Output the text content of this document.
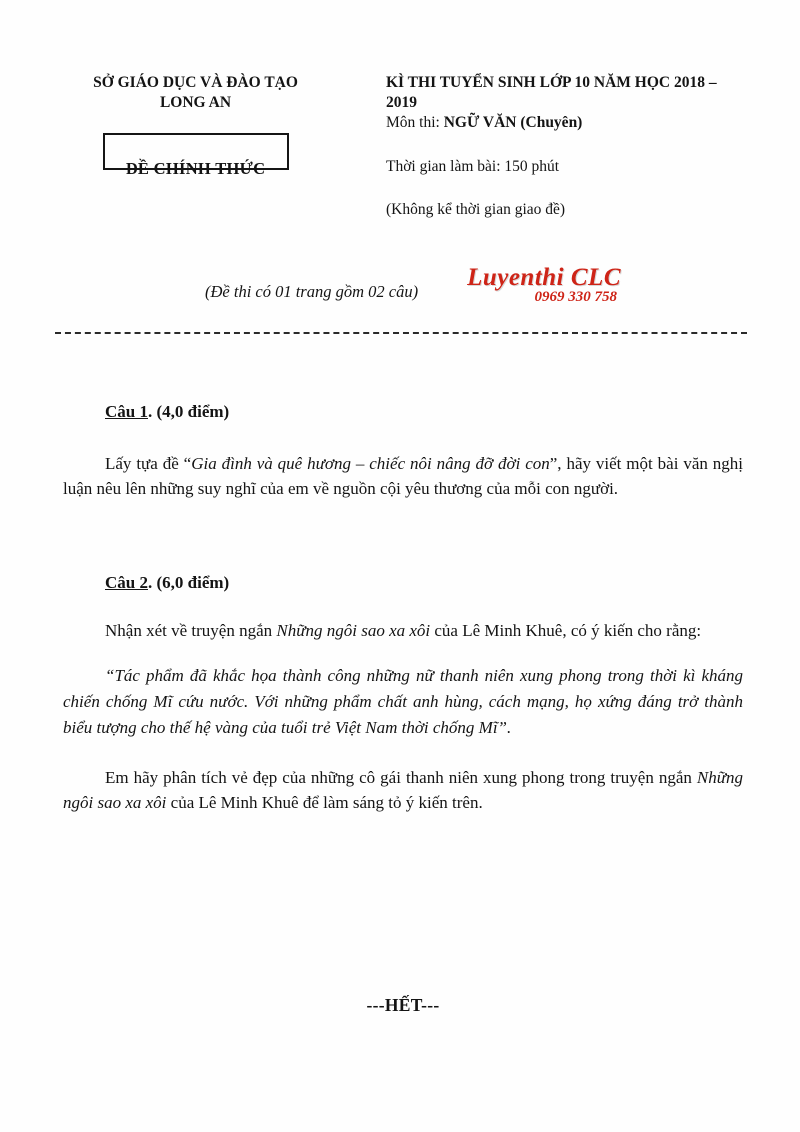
SỞ GIÁO DỤC VÀ ĐÀO TẠO
LONG AN
ĐỀ CHÍNH THỨC
KÌ THI TUYỂN SINH LỚP 10 NĂM HỌC 2018 – 2019
Môn thi: NGỮ VĂN (Chuyên)
Thời gian làm bài: 150 phút
(Không kể thời gian giao đề)
(Đề thi có 01 trang gồm 02 câu)
Luyenthi CLC
0969 330 758
Câu 1. (4,0 điểm)

Lấy tựa đề “Gia đình và quê hương – chiếc nôi nâng đỡ đời con”, hãy viết một bài văn nghị luận nêu lên những suy nghĩ của em về nguồn cội yêu thương của mỗi con người.

Câu 2. (6,0 điểm)

Nhận xét về truyện ngắn Những ngôi sao xa xôi của Lê Minh Khuê, có ý kiến cho rằng:

“Tác phẩm đã khắc họa thành công những nữ thanh niên xung phong trong thời kì kháng chiến chống Mĩ cứu nước. Với những phẩm chất anh hùng, cách mạng, họ xứng đáng trở thành biểu tượng cho thế hệ vàng của tuổi trẻ Việt Nam thời chống Mĩ”.

Em hãy phân tích vẻ đẹp của những cô gái thanh niên xung phong trong truyện ngắn Những ngôi sao xa xôi của Lê Minh Khuê để làm sáng tỏ ý kiến trên.

---HẾT---
